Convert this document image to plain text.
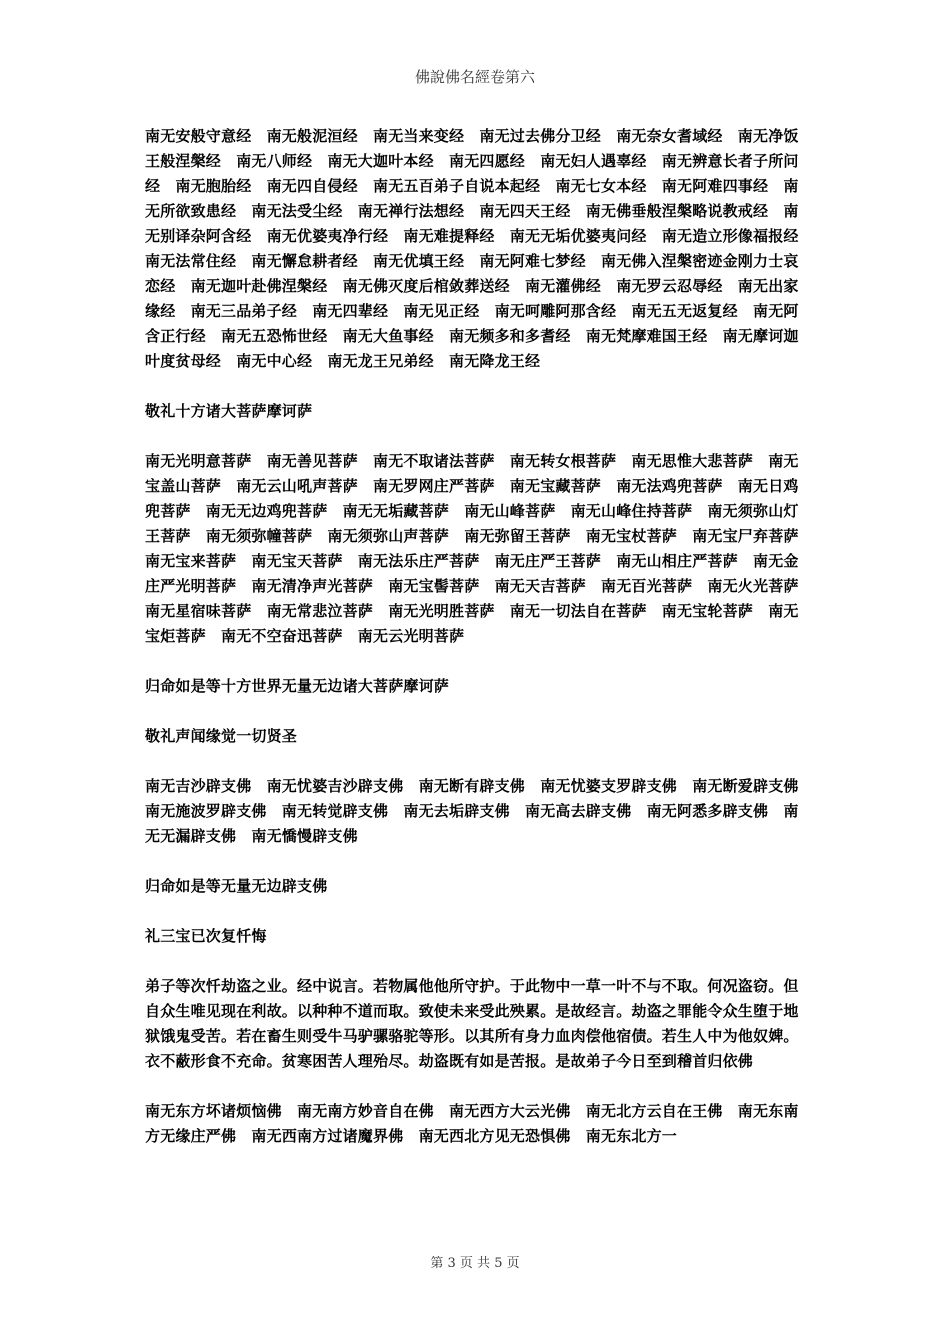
佛說佛名經卷第六

南无安般守意经　南无般泥洹经　南无当来变经　南无过去佛分卫经　南无奈女耆域经　南无净饭王般涅槃经　南无八师经　南无大迦叶本经　南无四愿经　南无妇人遇辜经　南无辨意长者子所问经　南无胞胎经　南无四自侵经　南无五百弟子自说本起经　南无七女本经　南无阿难四事经　南无所欲致患经　南无法受尘经　南无禅行法想经　南无四天王经　南无佛垂般涅槃略说教戒经　南无别译杂阿含经　南无优婆夷净行经　南无难提释经　南无无垢优婆夷问经　南无造立形像福报经　南无法常住经　南无懈怠耕者经　南无优填王经　南无阿难七梦经　南无佛入涅槃密迹金刚力士哀恋经　南无迦叶赴佛涅槃经　南无佛灭度后棺敛葬送经　南无灌佛经　南无罗云忍辱经　南无出家缘经　南无三品弟子经　南无四辈经　南无见正经　南无呵雕阿那含经　南无五无返复经　南无阿含正行经　南无五恐怖世经　南无大鱼事经　南无频多和多耆经　南无梵摩难国王经　南无摩诃迦叶度贫母经　南无中心经　南无龙王兄弟经　南无降龙王经

敬礼十方诸大菩萨摩诃萨

南无光明意菩萨　南无善见菩萨　南无不取诸法菩萨　南无转女根菩萨　南无思惟大悲菩萨　南无宝盖山菩萨　南无云山吼声菩萨　南无罗网庄严菩萨　南无宝藏菩萨　南无法鸡兜菩萨　南无日鸡兜菩萨　南无无边鸡兜菩萨　南无无垢藏菩萨　南无山峰菩萨　南无山峰住持菩萨　南无须弥山灯王菩萨　南无须弥幢菩萨　南无须弥山声菩萨　南无弥留王菩萨　南无宝杖菩萨　南无宝尸弃菩萨　南无宝来菩萨　南无宝天菩萨　南无法乐庄严菩萨　南无庄严王菩萨　南无山相庄严菩萨　南无金庄严光明菩萨　南无清净声光菩萨　南无宝髻菩萨　南无天吉菩萨　南无百光菩萨　南无火光菩萨　南无星宿味菩萨　南无常悲泣菩萨　南无光明胜菩萨　南无一切法自在菩萨　南无宝轮菩萨　南无宝炬菩萨　南无不空奋迅菩萨　南无云光明菩萨

归命如是等十方世界无量无边诸大菩萨摩诃萨

敬礼声闻缘觉一切贤圣

南无吉沙辟支佛　南无忧婆吉沙辟支佛　南无断有辟支佛　南无忧婆支罗辟支佛　南无断爱辟支佛　南无施波罗辟支佛　南无转觉辟支佛　南无去垢辟支佛　南无高去辟支佛　南无阿悉多辟支佛　南无无漏辟支佛　南无憍慢辟支佛

归命如是等无量无边辟支佛

礼三宝已次复忏悔

弟子等次忏劫盗之业。经中说言。若物属他他所守护。于此物中一草一叶不与不取。何况盗窃。但自众生唯见现在利故。以种种不道而取。致使未来受此殃累。是故经言。劫盗之罪能令众生堕于地狱饿鬼受苦。若在畜生则受牛马驴骡骆驼等形。以其所有身力血肉偿他宿债。若生人中为他奴婢。衣不蔽形食不充命。贫寒困苦人理殆尽。劫盗既有如是苦报。是故弟子今日至到稽首归依佛

南无东方坏诸烦恼佛　南无南方妙音自在佛　南无西方大云光佛　南无北方云自在王佛　南无东南方无缘庄严佛　南无西南方过诸魔界佛　南无西北方见无恐惧佛　南无东北方一

第 3 页 共 5 页
